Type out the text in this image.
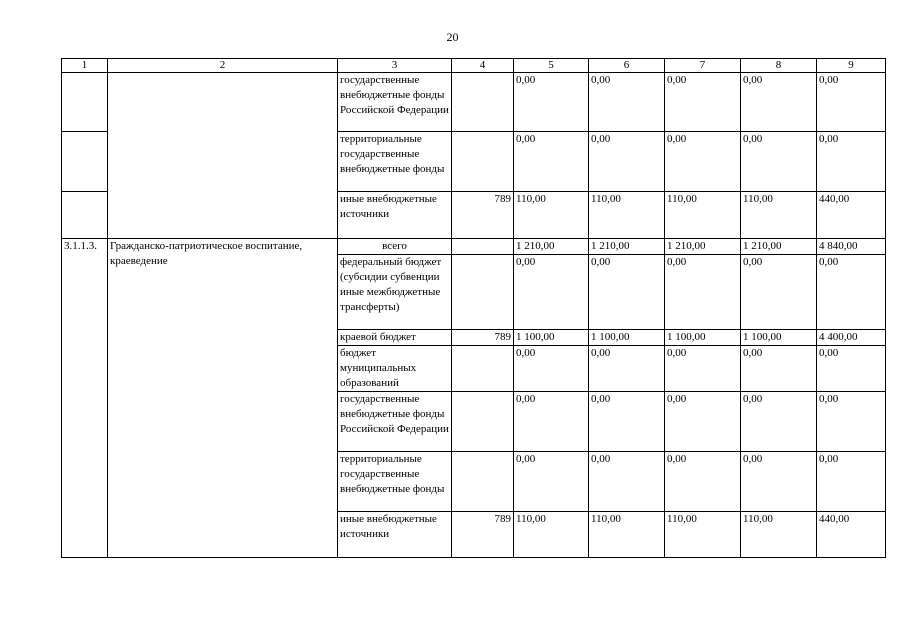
20
1	2	3	4	5	6	7	8	9
		государственные внебюджетные фонды Российской Федерации		0,00	0,00	0,00	0,00	0,00
		территориальные государственные внебюджетные фонды		0,00	0,00	0,00	0,00	0,00
		иные внебюджетные источники	789	110,00	110,00	110,00	110,00	440,00
3.1.1.3.	Гражданско-патриотическое воспитание, краеведение	всего		1 210,00	1 210,00	1 210,00	1 210,00	4 840,00
		федеральный бюджет (субсидии субвенции иные межбюджетные трансферты)		0,00	0,00	0,00	0,00	0,00
		краевой бюджет	789	1 100,00	1 100,00	1 100,00	1 100,00	4 400,00
		бюджет муниципальных образований		0,00	0,00	0,00	0,00	0,00
		государственные внебюджетные фонды Российской Федерации		0,00	0,00	0,00	0,00	0,00
		территориальные государственные внебюджетные фонды		0,00	0,00	0,00	0,00	0,00
		иные внебюджетные источники	789	110,00	110,00	110,00	110,00	440,00
